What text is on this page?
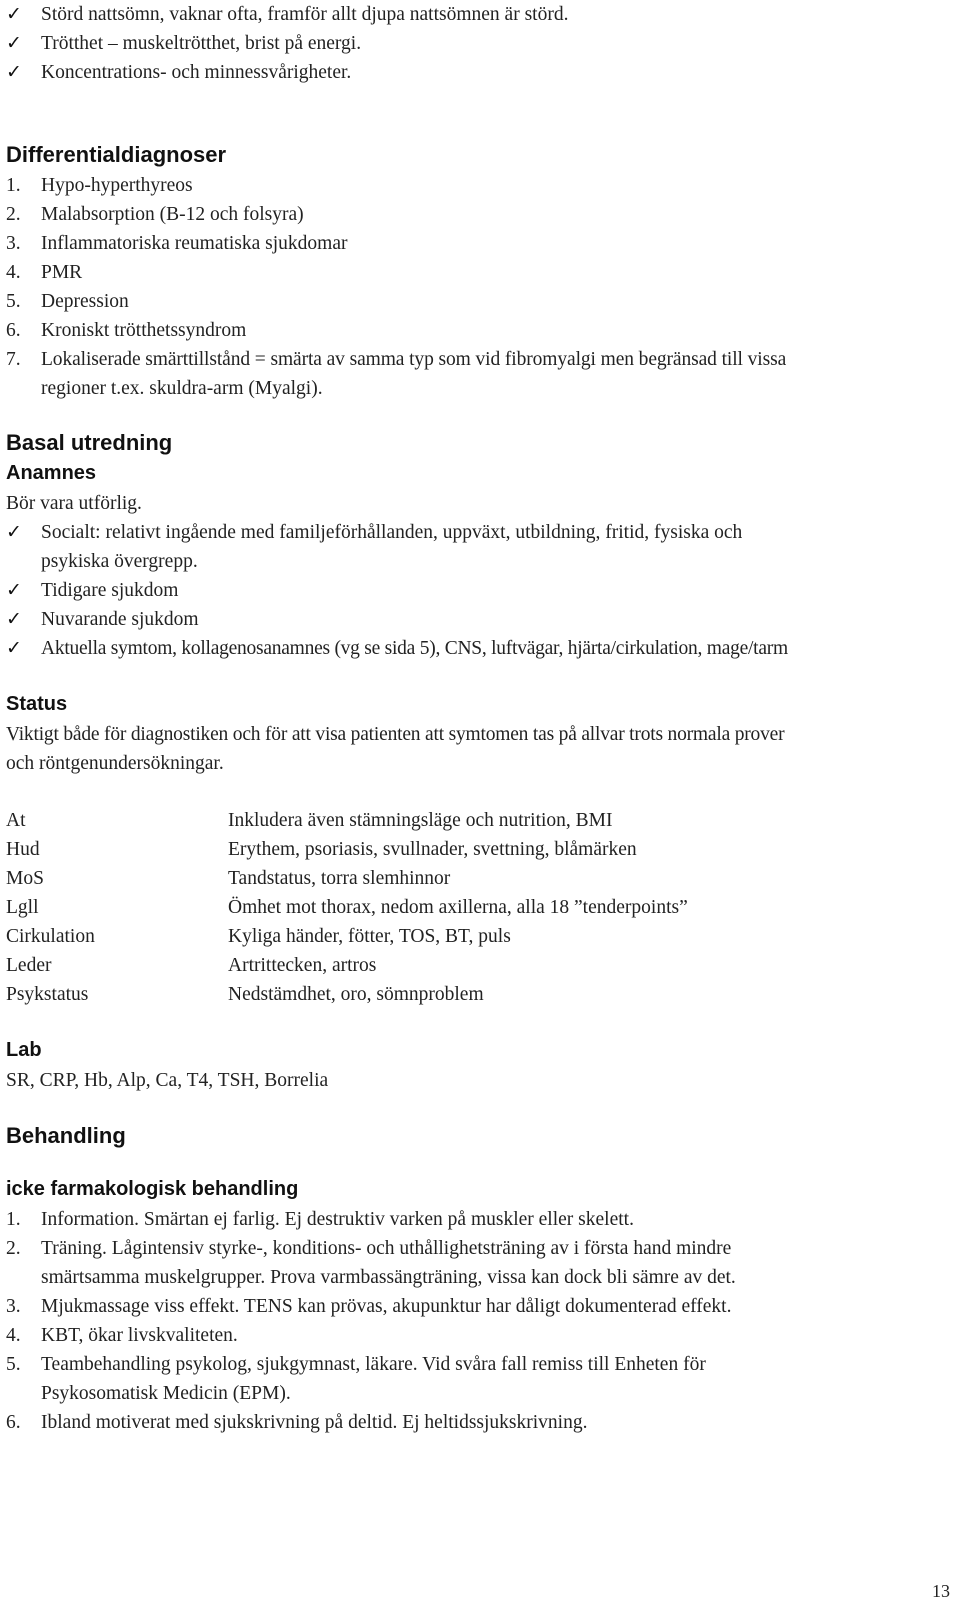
✓ Störd nattsömn, vaknar ofta, framför allt djupa nattsömnen är störd.
✓ Trötthet – muskeltrötthet, brist på energi.
✓ Koncentrations- och minnessvårigheter.
Differentialdiagnoser
1. Hypo-hyperthyreos
2. Malabsorption (B-12 och folsyra)
3. Inflammatoriska reumatiska sjukdomar
4. PMR
5. Depression
6. Kroniskt trötthetssyndrom
7. Lokaliserade smärttillstånd = smärta av samma typ som vid fibromyalgi men begränsad till vissa
regioner t.ex. skuldra-arm (Myalgi).
Basal utredning
Anamnes
Bör vara utförlig.
✓ Socialt: relativt ingående med familjeförhållanden, uppväxt, utbildning, fritid, fysiska och
psykiska övergrepp.
✓ Tidigare sjukdom
✓ Nuvarande sjukdom
✓ Aktuella symtom, kollagenosanamnes (vg se sida 5), CNS, luftvägar, hjärta/cirkulation, mage/tarm
Status
Viktigt både för diagnostiken och för att visa patienten att symtomen tas på allvar trots normala prover
och röntgenundersökningar.
At	Inkludera även stämningsläge och nutrition, BMI
Hud	Erythem, psoriasis, svullnader, svettning, blåmärken
MoS	Tandstatus, torra slemhinnor
Lgll	Ömhet mot thorax, nedom axillerna, alla 18 ”tenderpoints”
Cirkulation	Kyliga händer, fötter, TOS, BT, puls
Leder	Artrittecken, artros
Psykstatus	Nedstämdhet, oro, sömnproblem
Lab
SR, CRP, Hb, Alp, Ca, T4, TSH, Borrelia
Behandling
icke farmakologisk behandling
1. Information. Smärtan ej farlig. Ej destruktiv varken på muskler eller skelett.
2. Träning. Lågintensiv styrke-, konditions- och uthållighetsträning av i första hand mindre
smärtsamma muskelgrupper. Prova varmbassängträning, vissa kan dock bli sämre av det.
3. Mjukmassage viss effekt. TENS kan prövas, akupunktur har dåligt dokumenterad effekt.
4. KBT, ökar livskvaliteten.
5. Teambehandling psykolog, sjukgymnast, läkare. Vid svåra fall remiss till Enheten för
Psykosomatisk Medicin (EPM).
6. Ibland motiverat med sjukskrivning på deltid. Ej heltidssjukskrivning.
13
